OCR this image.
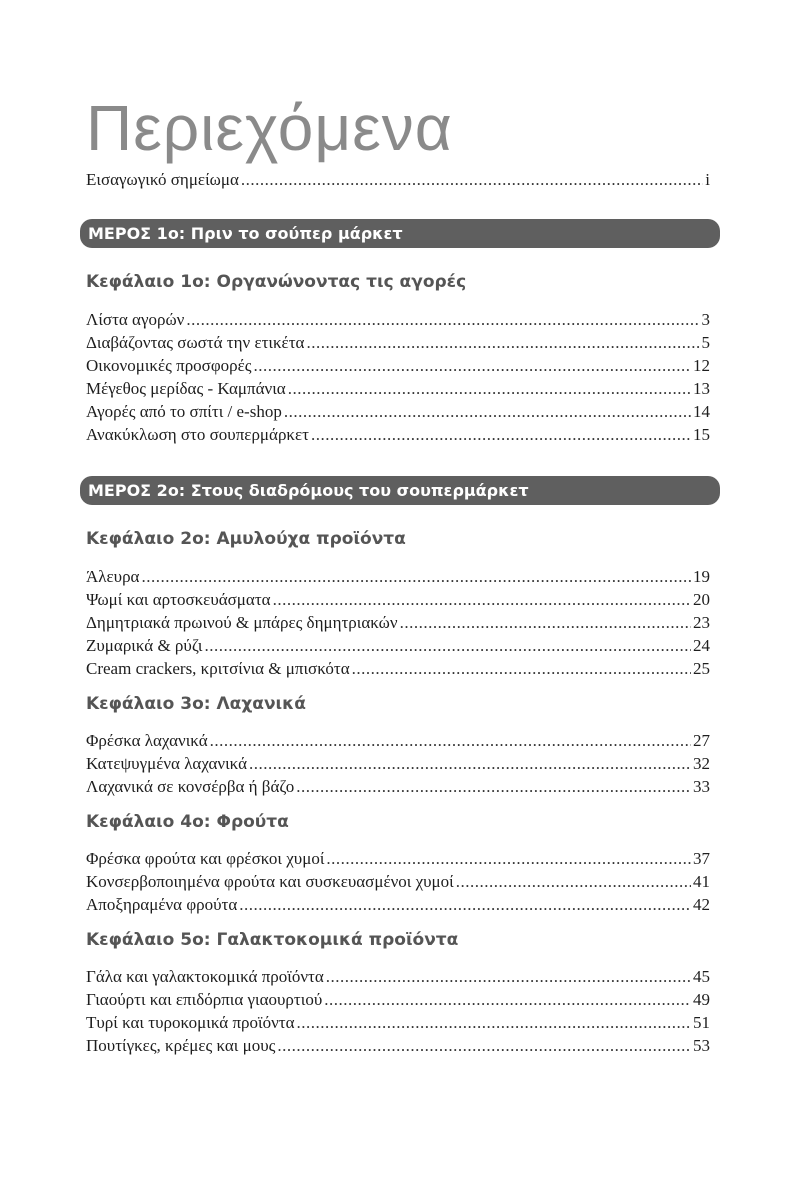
Περιεχόμενα
Εισαγωγικό σημείωμα .....	i
ΜΕΡΟΣ 1ο: Πριν το σούπερ μάρκετ
Κεφάλαιο 1ο: Οργανώνοντας τις αγορές
Λίστα αγορών .....	3
Διαβάζοντας σωστά την ετικέτα .....	5
Οικονομικές προσφορές .....	12
Μέγεθος μερίδας - Καμπάνια .....	13
Αγορές από το σπίτι / e-shop .....	14
Ανακύκλωση στο σουπερμάρκετ .....	15
ΜΕΡΟΣ 2ο: Στους διαδρόμους του σουπερμάρκετ
Κεφάλαιο 2ο: Αμυλούχα προϊόντα
Άλευρα .....	19
Ψωμί και αρτοσκευάσματα .....	20
Δημητριακά πρωινού & μπάρες δημητριακών .....	23
Ζυμαρικά & ρύζι .....	24
Cream crackers, κριτσίνια & μπισκότα .....	25
Κεφάλαιο 3ο: Λαχανικά
Φρέσκα λαχανικά .....	27
Κατεψυγμένα λαχανικά .....	32
Λαχανικά σε κονσέρβα ή βάζο .....	33
Κεφάλαιο 4ο: Φρούτα
Φρέσκα φρούτα και φρέσκοι χυμοί .....	37
Κονσερβοποιημένα φρούτα και συσκευασμένοι χυμοί .....	41
Αποξηραμένα φρούτα .....	42
Κεφάλαιο 5ο: Γαλακτοκομικά προϊόντα
Γάλα και γαλακτοκομικά προϊόντα .....	45
Γιαούρτι και επιδόρπια γιαουρτιού .....	49
Τυρί και τυροκομικά προϊόντα .....	51
Πουτίγκες, κρέμες και μους .....	53
